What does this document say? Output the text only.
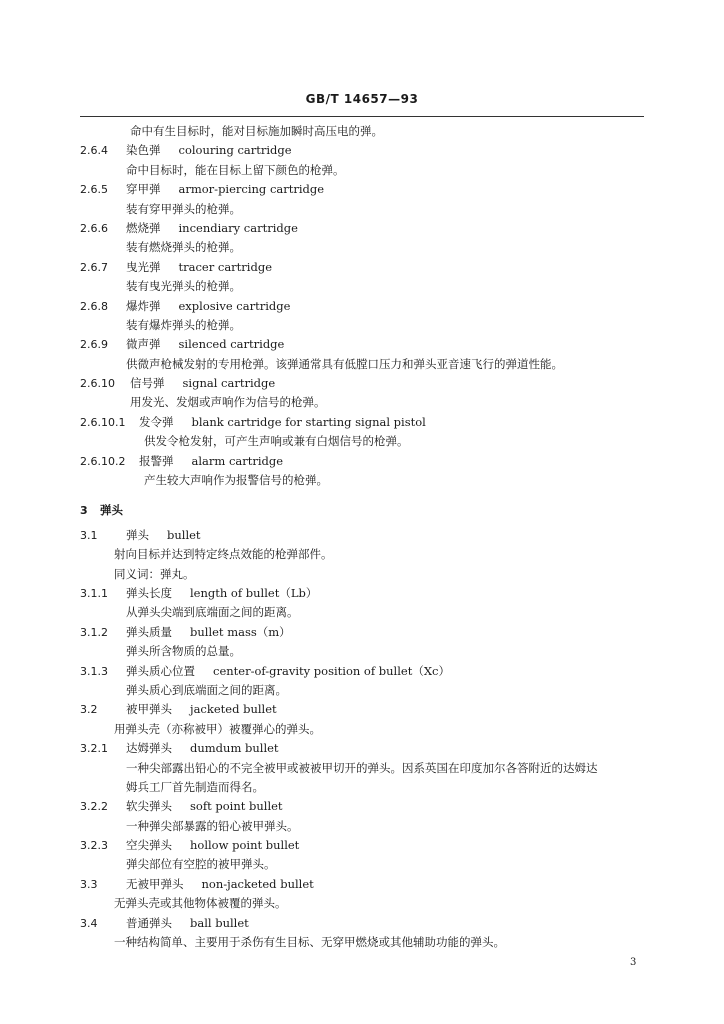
GB/T 14657—93
命中有生目标时，能对目标施加瞬时高压电的弹。
2.6.4 染色弹 colouring cartridge
命中目标时，能在目标上留下颜色的枪弹。
2.6.5 穿甲弹 armor-piercing cartridge
装有穿甲弹头的枪弹。
2.6.6 燃烧弹 incendiary cartridge
装有燃烧弹头的枪弹。
2.6.7 曳光弹 tracer cartridge
装有曳光弹头的枪弹。
2.6.8 爆炸弹 explosive cartridge
装有爆炸弹头的枪弹。
2.6.9 微声弹 silenced cartridge
供微声枪械发射的专用枪弹。该弹通常具有低膛口压力和弹头亚音速飞行的弹道性能。
2.6.10 信号弹 signal cartridge
用发光、发烟或声响作为信号的枪弹。
2.6.10.1 发令弹 blank cartridge for starting signal pistol
供发令枪发射，可产生声响或兼有白烟信号的枪弹。
2.6.10.2 报警弹 alarm cartridge
产生较大声响作为报警信号的枪弹。
3 弹头
3.1 弹头 bullet
射向目标并达到特定终点效能的枪弹部件。
同义词：弹丸。
3.1.1 弹头长度 length of bullet（Lb）
从弹头尖端到底端面之间的距离。
3.1.2 弹头质量 bullet mass（m）
弹头所含物质的总量。
3.1.3 弹头质心位置 center-of-gravity position of bullet（Xc）
弹头质心到底端面之间的距离。
3.2 被甲弹头 jacketed bullet
用弹头壳（亦称被甲）被覆弹心的弹头。
3.2.1 达姆弹头 dumdum bullet
一种尖部露出铅心的不完全被甲或被被甲切开的弹头。因系英国在印度加尔各答附近的达姆达
姆兵工厂首先制造而得名。
3.2.2 软尖弹头 soft point bullet
一种弹尖部暴露的铅心被甲弹头。
3.2.3 空尖弹头 hollow point bullet
弹尖部位有空腔的被甲弹头。
3.3 无被甲弹头 non-jacketed bullet
无弹头壳或其他物体被覆的弹头。
3.4 普通弹头 ball bullet
一种结构简单、主要用于杀伤有生目标、无穿甲燃烧或其他辅助功能的弹头。
3
